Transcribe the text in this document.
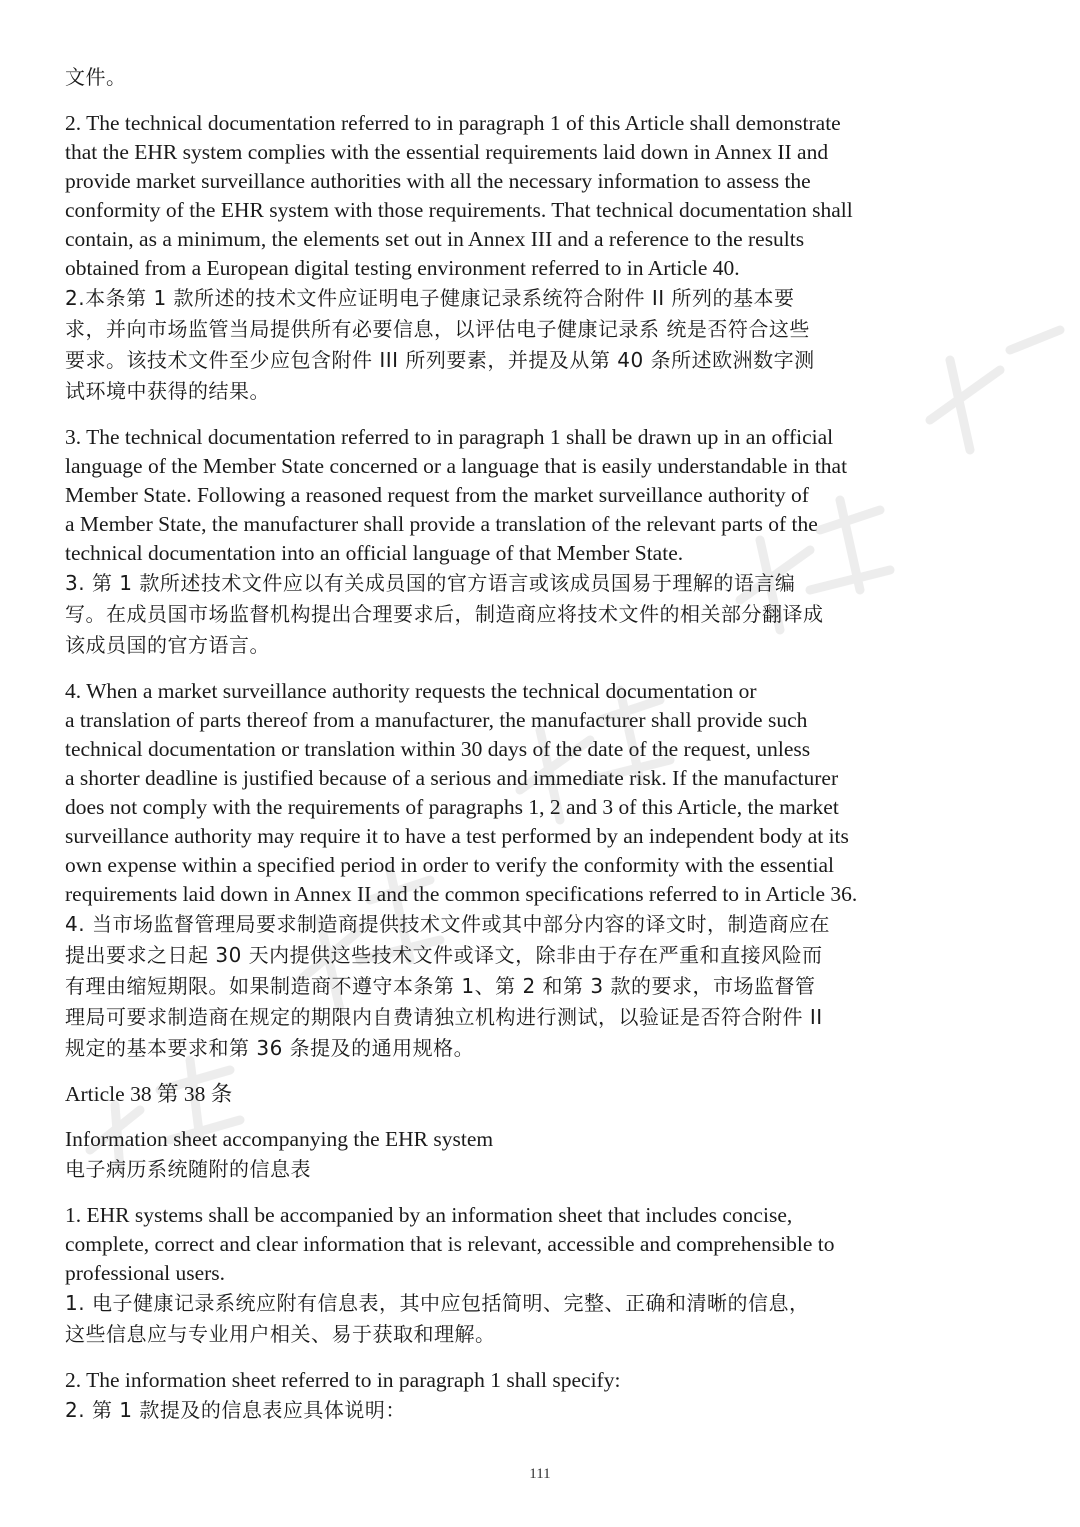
文件。

2. The technical documentation referred to in paragraph 1 of this Article shall demonstrate
that the EHR system complies with the essential requirements laid down in Annex II and
provide market surveillance authorities with all the necessary information to assess the
conformity of the EHR system with those requirements. That technical documentation shall
contain, as a minimum, the elements set out in Annex III and a reference to the results
obtained from a European digital testing environment referred to in Article 40.

2.本条第 1 款所述的技术文件应证明电子健康记录系统符合附件 II 所列的基本要
求，并向市场监管当局提供所有必要信息，以评估电子健康记录系 统是否符合这些
要求。该技术文件至少应包含附件 III 所列要素，并提及从第 40 条所述欧洲数字测
试环境中获得的结果。

3. The technical documentation referred to in paragraph 1 shall be drawn up in an official
language of the Member State concerned or a language that is easily understandable in that
Member State. Following a reasoned request from the market surveillance authority of
a Member State, the manufacturer shall provide a translation of the relevant parts of the
technical documentation into an official language of that Member State.

3. 第 1 款所述技术文件应以有关成员国的官方语言或该成员国易于理解的语言编
写。在成员国市场监督机构提出合理要求后，制造商应将技术文件的相关部分翻译成
该成员国的官方语言。

4. When a market surveillance authority requests the technical documentation or
a translation of parts thereof from a manufacturer, the manufacturer shall provide such
technical documentation or translation within 30 days of the date of the request, unless
a shorter deadline is justified because of a serious and immediate risk. If the manufacturer
does not comply with the requirements of paragraphs 1, 2 and 3 of this Article, the market
surveillance authority may require it to have a test performed by an independent body at its
own expense within a specified period in order to verify the conformity with the essential
requirements laid down in Annex II and the common specifications referred to in Article 36.

4. 当市场监督管理局要求制造商提供技术文件或其中部分内容的译文时，制造商应在
提出要求之日起 30 天内提供这些技术文件或译文，除非由于存在严重和直接风险而
有理由缩短期限。如果制造商不遵守本条第 1、第 2 和第 3 款的要求，市场监督管
理局可要求制造商在规定的期限内自费请独立机构进行测试，以验证是否符合附件 II
规定的基本要求和第 36 条提及的通用规格。

Article 38 第 38 条

Information sheet accompanying the EHR system

电子病历系统随附的信息表

1. EHR systems shall be accompanied by an information sheet that includes concise,
complete, correct and clear information that is relevant, accessible and comprehensible to
professional users.

1. 电子健康记录系统应附有信息表，其中应包括简明、完整、正确和清晰的信息，
这些信息应与专业用户相关、易于获取和理解。

2. The information sheet referred to in paragraph 1 shall specify:

2. 第 1 款提及的信息表应具体说明：

111
